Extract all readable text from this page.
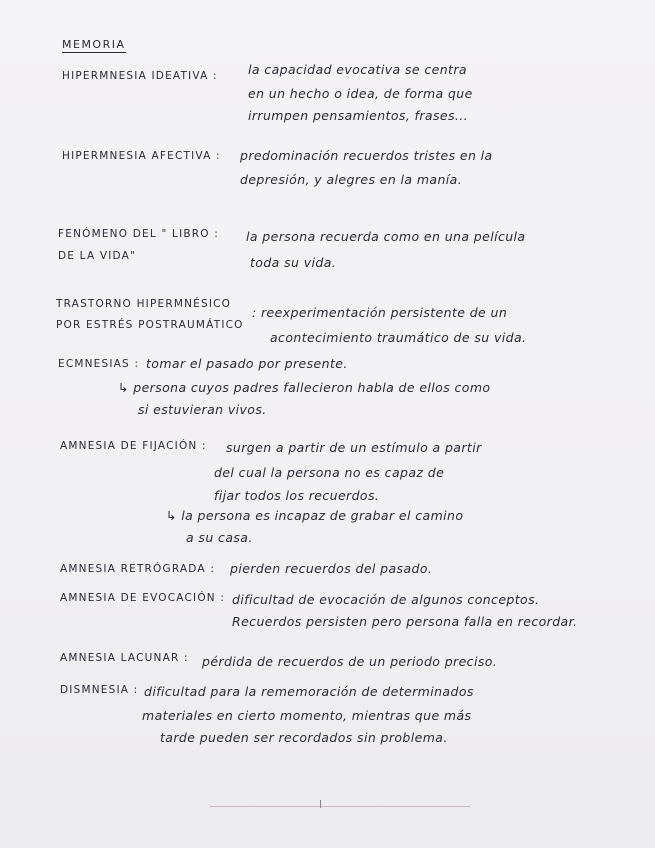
MEMORIA
HIPERMNESIA IDEATIVA : la capacidad evocativa se centra
en un hecho o idea, de forma que
irrumpen pensamientos, frases...
HIPERMNESIA AFECTIVA : predominación recuerdos tristes en la
depresión, y alegres en la manía.
FENÓMENO DEL " LIBRO :
DE LA VIDA"
la persona recuerda como en una película
toda su vida.
TRASTORNO HIPERMNÉSICO
POR ESTRÉS POSTRAUMÁTICO
: reexperimentación persistente de un
acontecimiento traumático de su vida.
ECMNESIAS : tomar el pasado por presente.
↳ persona cuyos padres fallecieron habla de ellos como
si estuvieran vivos.
AMNESIA DE FIJACIÓN : surgen a partir de un estímulo a partir
del cual la persona no es capaz de
fijar todos los recuerdos.
↳ la persona es incapaz de grabar el camino
a su casa.
AMNESIA RETRÓGRADA : pierden recuerdos del pasado.
AMNESIA DE EVOCACIÓN : dificultad de evocación de algunos conceptos.
Recuerdos persisten pero persona falla en recordar.
AMNESIA LACUNAR : pérdida de recuerdos de un periodo preciso.
DISMNESIA : dificultad para la rememoración de determinados
materiales en cierto momento, mientras que más
tarde pueden ser recordados sin problema.
